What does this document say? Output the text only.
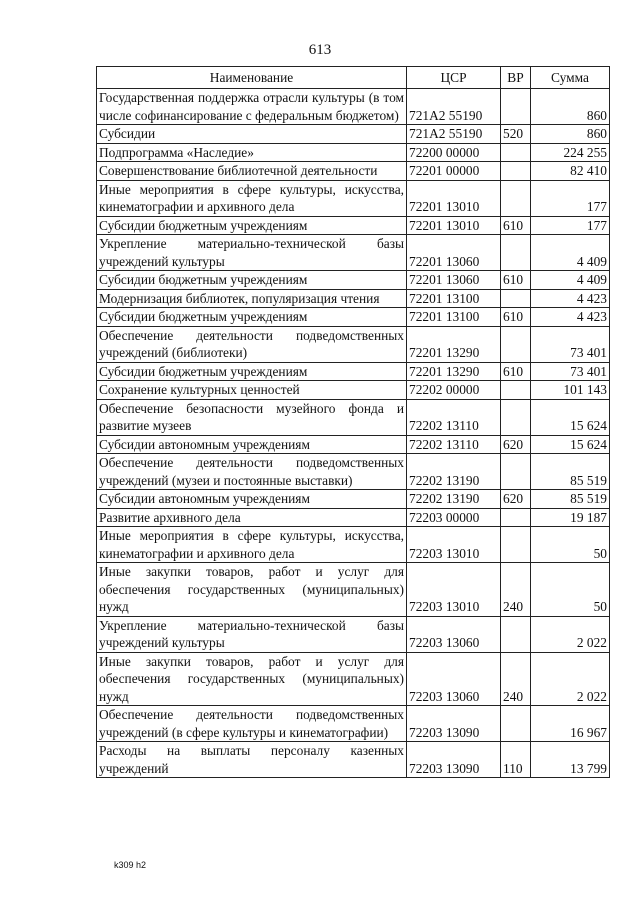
613
Наименование	ЦСР	ВР	Сумма
Государственная поддержка отрасли культуры (в том числе софинансирование с федеральным бюджетом)	721A2 55190		860
Субсидии	721A2 55190	520	860
Подпрограмма «Наследие»	72200 00000		224 255
Совершенствование библиотечной деятельности	72201 00000		82 410
Иные мероприятия в сфере культуры, искусства, кинематографии и архивного дела	72201 13010		177
Субсидии бюджетным учреждениям	72201 13010	610	177
Укрепление материально-технической базы учреждений культуры	72201 13060		4 409
Субсидии бюджетным учреждениям	72201 13060	610	4 409
Модернизация библиотек, популяризация чтения	72201 13100		4 423
Субсидии бюджетным учреждениям	72201 13100	610	4 423
Обеспечение деятельности подведомственных учреждений (библиотеки)	72201 13290		73 401
Субсидии бюджетным учреждениям	72201 13290	610	73 401
Сохранение культурных ценностей	72202 00000		101 143
Обеспечение безопасности музейного фонда и развитие музеев	72202 13110		15 624
Субсидии автономным учреждениям	72202 13110	620	15 624
Обеспечение деятельности подведомственных учреждений (музеи и постоянные выставки)	72202 13190		85 519
Субсидии автономным учреждениям	72202 13190	620	85 519
Развитие архивного дела	72203 00000		19 187
Иные мероприятия в сфере культуры, искусства, кинематографии и архивного дела	72203 13010		50
Иные закупки товаров, работ и услуг для обеспечения государственных (муниципальных) нужд	72203 13010	240	50
Укрепление материально-технической базы учреждений культуры	72203 13060		2 022
Иные закупки товаров, работ и услуг для обеспечения государственных (муниципальных) нужд	72203 13060	240	2 022
Обеспечение деятельности подведомственных учреждений (в сфере культуры и кинематографии)	72203 13090		16 967
Расходы на выплаты персоналу казенных учреждений	72203 13090	110	13 799
k309 h2
